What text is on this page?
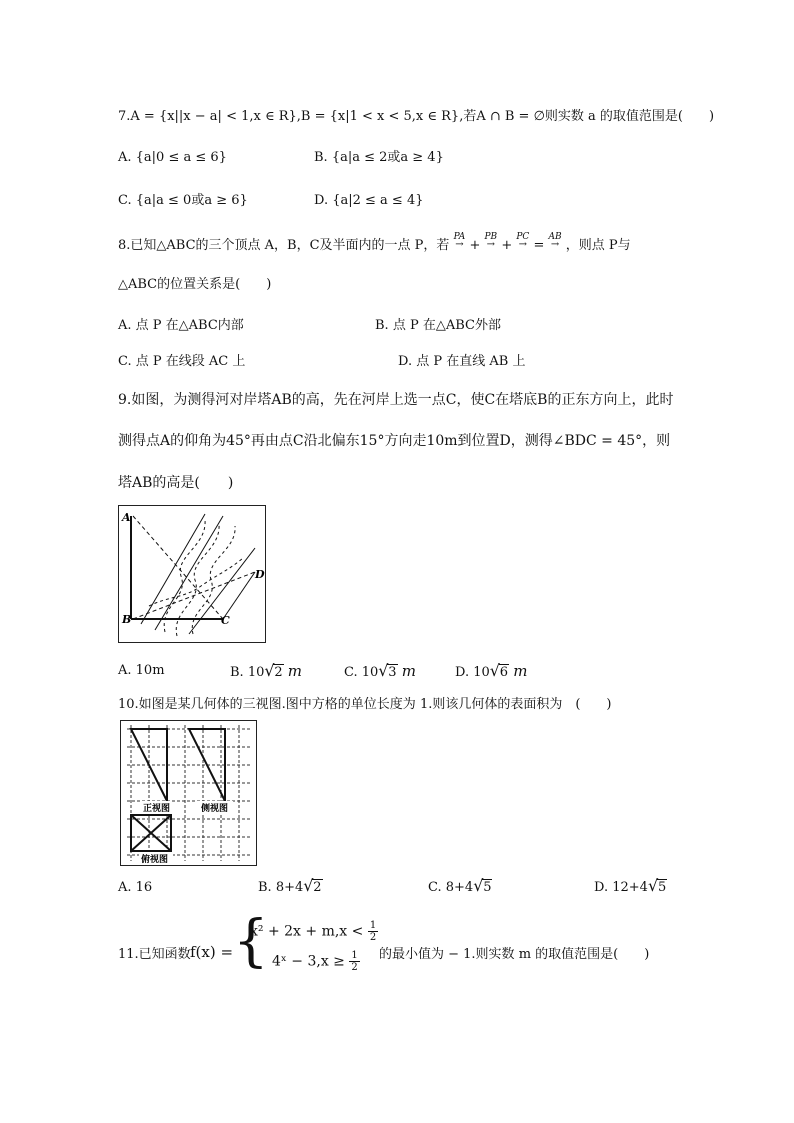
7.A = {x||x − a| < 1,x ∈ R},B = {x|1 < x < 5,x ∈ R},若A ∩ B = ∅则实数 a 的取值范围是(  )
A. {a|0 ≤ a ≤ 6}	B. {a|a ≤ 2或a ≥ 4}
C. {a|a ≤ 0或a ≥ 6}	D. {a|2 ≤ a ≤ 4}
8.已知△ABC的三个顶点 A，B，C及半面内的一点 P，若
PA
→ +
PB
→ +
PC
→ =
AB
→ ，则点 P与
△ABC的位置关系是(  )
A. 点 P 在△ABC内部	B. 点 P 在△ABC外部
C. 点 P 在线段 AC 上	D. 点 P 在直线 AB 上
9.如图，为测得河对岸塔AB的高，先在河岸上选一点C，使C在塔底B的正东方向上，此时
测得点A的仰角为45°再由点C沿北偏东15°方向走10m到位置D，测得∠BDC = 45°，则
塔AB的高是(  )
A
B	C
D
A. 10m	B. 10 √ 2 m	C. 10 √ 3 m	D. 10 √ 6 m
10.如图是某几何体的三视图.图中方格的单位长度为 1.则该几何体的表面积为 (  )
正视图	侧视图
俯视图
A. 16	B. 8+4 √ 2	C. 8+4 √ 5	D. 12+4 √ 5
11.已知函数 f(x) = {
$x^2 + 2x + m,x < \frac{1}{2}$
4ˣ − $3,x \ge \frac{1}{2}$ 的最小值为 − 1.则实数 m 的取值范围是(  )
